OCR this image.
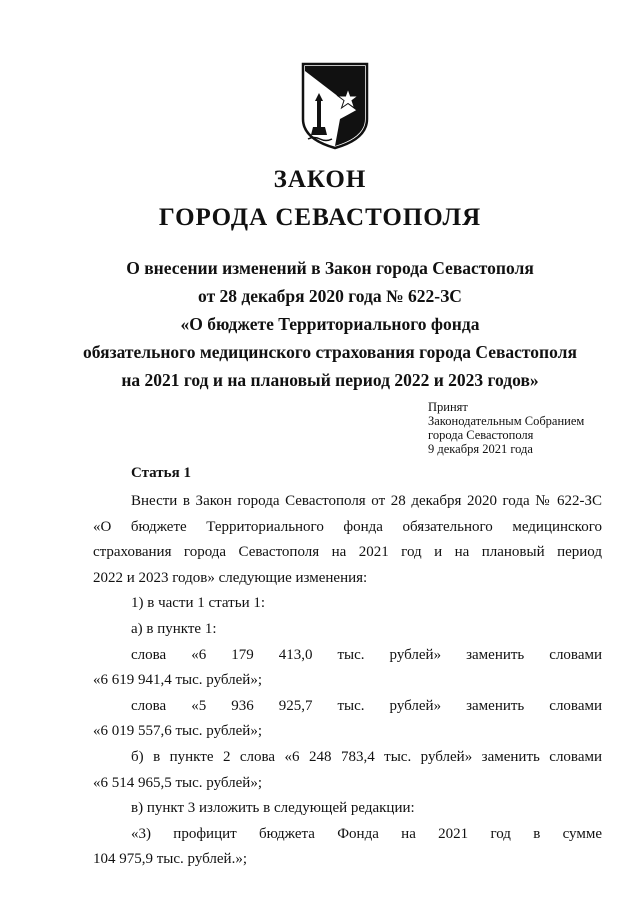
ЗАКОН
ГОРОДА СЕВАСТОПОЛЯ
О внесении изменений в Закон города Севастополя
от 28 декабря 2020 года № 622-ЗС
«О бюджете Территориального фонда
обязательного медицинского страхования города Севастополя
на 2021 год и на плановый период 2022 и 2023 годов»
Принят
Законодательным Собранием
города Севастополя
9 декабря 2021 года
Статья 1
Внести в Закон города Севастополя от 28 декабря 2020 года № 622-ЗС
«О бюджете Территориального фонда обязательного медицинского
страхования города Севастополя на 2021 год и на плановый период
2022 и 2023 годов» следующие изменения:
1) в части 1 статьи 1:
а) в пункте 1:
слова «6 179 413,0 тыс. рублей» заменить словами
«6 619 941,4 тыс. рублей»;
слова «5 936 925,7 тыс. рублей» заменить словами
«6 019 557,6 тыс. рублей»;
б) в пункте 2 слова «6 248 783,4 тыс. рублей» заменить словами
«6 514 965,5 тыс. рублей»;
в) пункт 3 изложить в следующей редакции:
«3) профицит бюджета Фонда на 2021 год в сумме
104 975,9 тыс. рублей.»;
